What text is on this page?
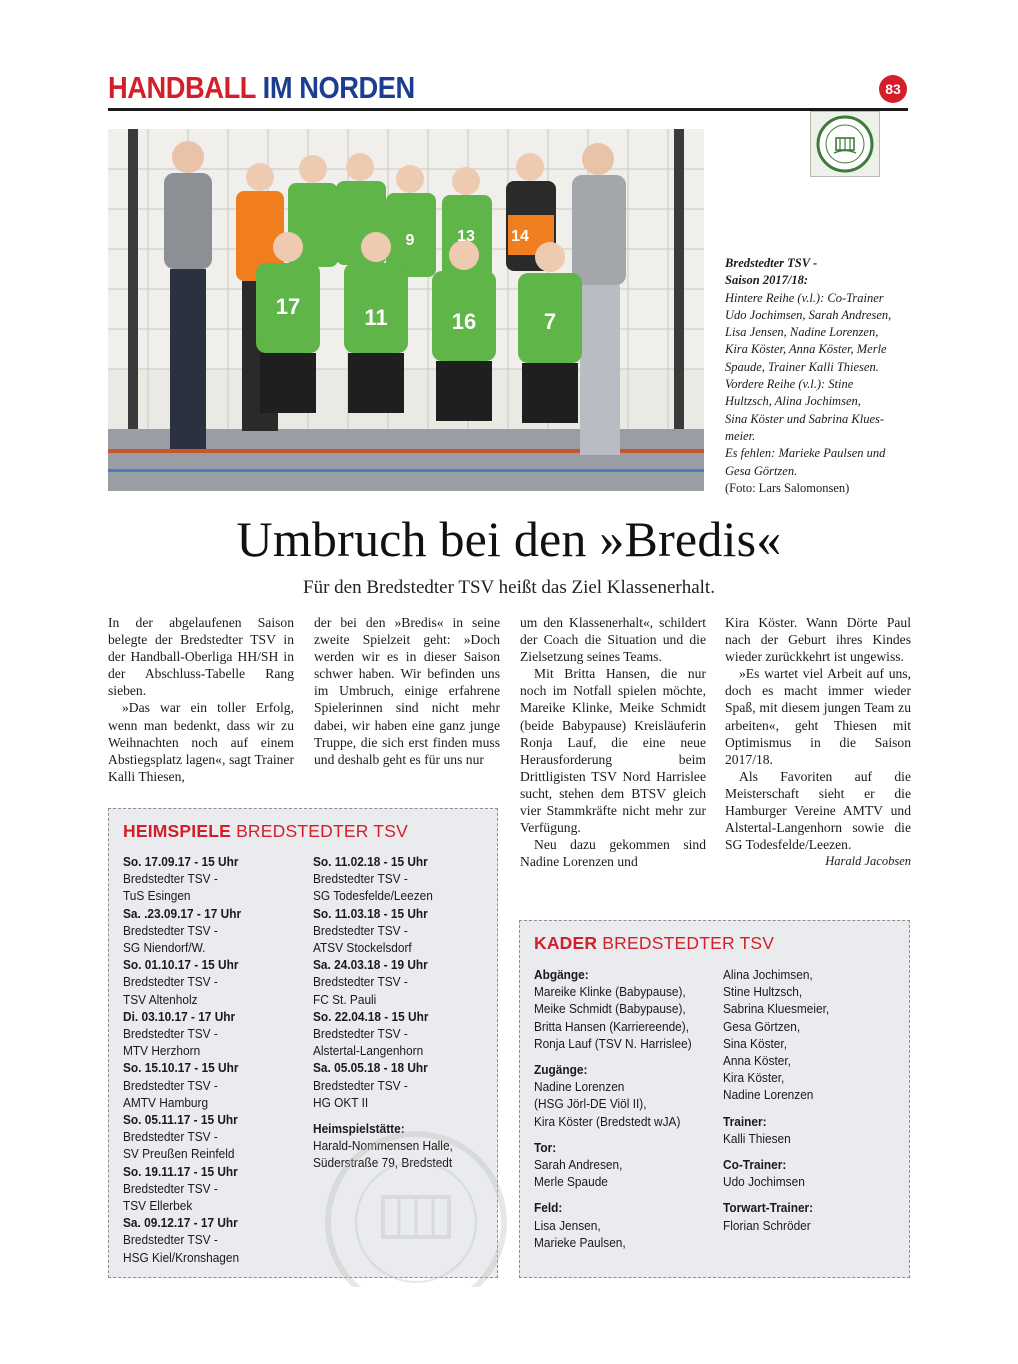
HANDBALL IM NORDEN	83
17	11	16	7
9	13 14
Bredstedter TSV -
Saison 2017/18:
Hintere Reihe (v.l.): Co-Trainer
Udo Jochimsen, Sarah Andresen,
Lisa Jensen, Nadine Lorenzen,
Kira Köster, Anna Köster, Merle
Spaude, Trainer Kalli Thiesen.
Vordere Reihe (v.l.): Stine
Hultzsch, Alina Jochimsen,
Sina Köster und Sabrina Klues-
meier.
Es fehlen: Marieke Paulsen und
Gesa Görtzen.
(Foto: Lars Salomonsen)
Umbruch bei den »Bredis«
Für den Bredstedter TSV heißt das Ziel Klassenerhalt.

In der abgelaufenen Saison belegte der Bredstedter TSV in der Handball-Oberliga HH/SH in der Abschluss-Tabelle Rang sieben.

»Das war ein toller Erfolg, wenn man bedenkt, dass wir zu Weihnachten noch auf einem Abstiegsplatz lagen«, sagt Trainer Kalli Thiesen,

der bei den »Bredis« in seine zweite Spielzeit geht: »Doch werden wir es in dieser Saison schwer haben. Wir befinden uns im Umbruch, einige erfahrene Spielerinnen sind nicht mehr dabei, wir haben eine ganz junge Truppe, die sich erst finden muss und deshalb geht es für uns nur

um den Klassenerhalt«, schildert der Coach die Situation und die Zielsetzung seines Teams.

Mit Britta Hansen, die nur noch im Notfall spielen möchte, Mareike Klinke, Meike Schmidt (beide Babypause) Kreisläuferin Ronja Lauf, die eine neue Herausforderung beim Drittligisten TSV Nord Harrislee sucht, stehen dem BTSV gleich vier Stammkräfte nicht mehr zur Verfügung.

Neu dazu gekommen sind Nadine Lorenzen und

Kira Köster. Wann Dörte Paul nach der Geburt ihres Kindes wieder zurückkehrt ist ungewiss.

»Es wartet viel Arbeit auf uns, doch es macht immer wieder Spaß, mit diesem jungen Team zu arbeiten«, geht Thiesen mit Optimismus in die Saison 2017/18.

Als Favoriten auf die Meisterschaft sieht er die Hamburger Vereine AMTV und Alstertal-Langenhorn sowie die SG Todesfelde/Leezen.

Harald Jacobsen

HEIMSPIELE BREDSTEDTER TSV
So. 17.09.17 - 15 Uhr
Bredstedter TSV -
TuS Esingen
Sa. .23.09.17 - 17 Uhr
Bredstedter TSV -
SG Niendorf/W.
So. 01.10.17 - 15 Uhr
Bredstedter TSV -
TSV Altenholz
Di. 03.10.17 - 17 Uhr
Bredstedter TSV -
MTV Herzhorn
So. 15.10.17 - 15 Uhr
Bredstedter TSV -
AMTV Hamburg
So. 05.11.17 - 15 Uhr
Bredstedter TSV -
SV Preußen Reinfeld
So. 19.11.17 - 15 Uhr
Bredstedter TSV -
TSV Ellerbek
Sa. 09.12.17 - 17 Uhr
Bredstedter TSV -
HSG Kiel/Kronshagen
So. 11.02.18 - 15 Uhr
Bredstedter TSV -
SG Todesfelde/Leezen
So. 11.03.18 - 15 Uhr
Bredstedter TSV -
ATSV Stockelsdorf
Sa. 24.03.18 - 19 Uhr
Bredstedter TSV -
FC St. Pauli
So. 22.04.18 - 15 Uhr
Bredstedter TSV -
Alstertal-Langenhorn
Sa. 05.05.18 - 18 Uhr
Bredstedter TSV -
HG OKT II
Heimspielstätte:
Harald-Nommensen Halle,
Süderstraße 79, Bredstedt
KADER BREDSTEDTER TSV
Abgänge:
Mareike Klinke (Babypause),
Meike Schmidt (Babypause),
Britta Hansen (Karriereende),
Ronja Lauf (TSV N. Harrislee)
Zugänge:
Nadine Lorenzen
(HSG Jörl-DE Viöl II),
Kira Köster (Bredstedt wJA)
Tor:
Sarah Andresen,
Merle Spaude
Feld:
Lisa Jensen,
Marieke Paulsen,
Alina Jochimsen,
Stine Hultzsch,
Sabrina Kluesmeier,
Gesa Görtzen,
Sina Köster,
Anna Köster,
Kira Köster,
Nadine Lorenzen
Trainer:
Kalli Thiesen
Co-Trainer:
Udo Jochimsen
Torwart-Trainer:
Florian Schröder
